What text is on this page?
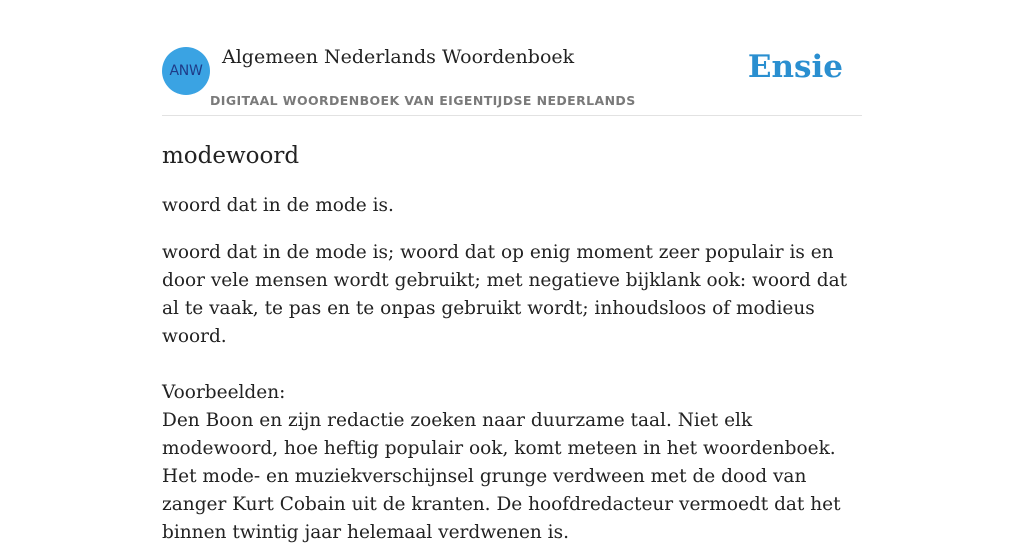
ANW
Algemeen Nederlands Woordenboek
DIGITAAL WOORDENBOEK VAN EIGENTIJDSE NEDERLANDS
Ensie
modewoord

woord dat in de mode is.

woord dat in de mode is; woord dat op enig moment zeer populair is en door vele mensen wordt gebruikt; met negatieve bijklank ook: woord dat al te vaak, te pas en te onpas gebruikt wordt; inhoudsloos of modieus woord.

Voorbeelden:

Den Boon en zijn redactie zoeken naar duurzame taal. Niet elk modewoord, hoe heftig populair ook, komt meteen in het woordenboek. Het mode- en muziekverschijnsel grunge verdween met de dood van zanger Kurt Cobain uit de kranten. De hoofdredacteur vermoedt dat het binnen twintig jaar helemaal verdwenen is.
